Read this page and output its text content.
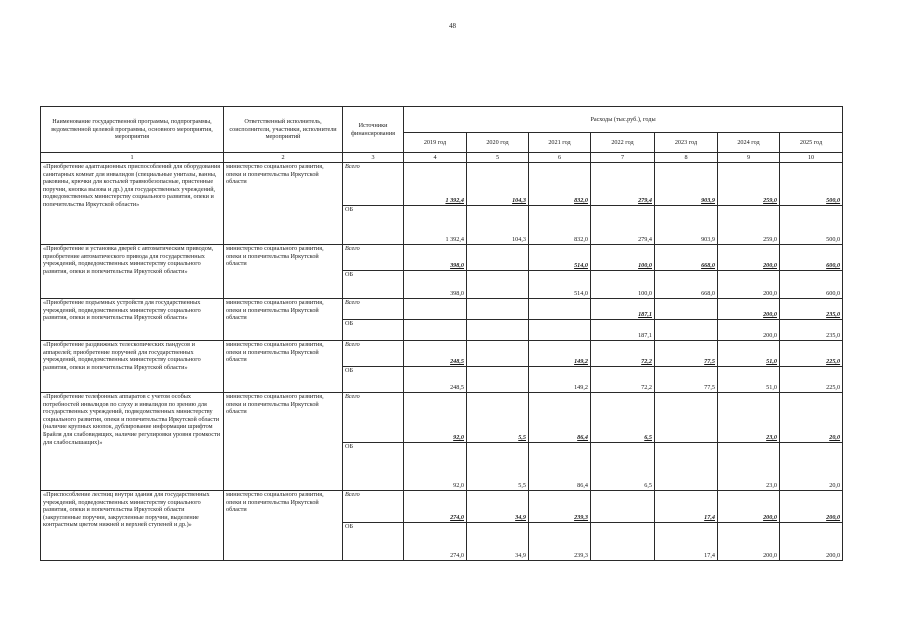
48
Наименование государственной программы, подпрограммы, ведомственной целевой программы, основного мероприятия, мероприятия	Ответственный исполнитель, соисполнители, участники, исполнители мероприятий	Источники финансирования	Расходы (тыс.руб.), годы						
			2019 год	2020 год	2021 год	2022 год	2023 год	2024 год	2025 год
1	2	3	4	5	6	7	8	9	10
«Приобретение адаптационных приспособлений для оборудования санитарных комнат для инвалидов (специальные унитазы, ванны, раковины, крючки для костылей травмобезопасные, пристенные поручни, кнопка вызова и др.) для государственных учреждений, подведомственных министерству социального развития, опеки и попечительства Иркутской области»	министерство социального развития, опеки и попечительства Иркутской области	Всего	1 392,4	104,3	832,0	279,4	903,9	259,0	500,0
		ОБ	1 392,4	104,3	832,0	279,4	903,9	259,0	500,0
«Приобретение и установка дверей с автоматическим приводом, приобретение автоматического привода для государственных учреждений, подведомственных министерству социального развития, опеки и попечительства Иркутской области»	министерство социального развития, опеки и попечительства Иркутской области	Всего	398,0		514,0	100,0	668,0	200,0	600,0
		ОБ	398,0		514,0	100,0	668,0	200,0	600,0
«Приобретение подъемных устройств для государственных учреждений, подведомственных министерству социального развития, опеки и попечительства Иркутской области»	министерство социального развития, опеки и попечительства Иркутской области	Всего				187,1		200,0	235,0
		ОБ				187,1		200,0	235,0
«Приобретение раздвижных телескопических пандусов и аппарелей; приобретение поручней для государственных учреждений, подведомственных министерству социального развития, опеки и попечительства Иркутской области»	министерство социального развития, опеки и попечительства Иркутской области	Всего	248,5		149,2	72,2	77,5	51,0	225,0
		ОБ	248,5		149,2	72,2	77,5	51,0	225,0
«Приобретение телефонных аппаратов с учетом особых потребностей инвалидов по слуху и инвалидов по зрению для государственных учреждений, подведомственных министерству социального развития, опеки и попечительства Иркутской области (наличие крупных кнопок, дублирование информации шрифтом Брайля для слабовидящих, наличие регулировки уровня громкости для слабослышащих)»	министерство социального развития, опеки и попечительства Иркутской области	Всего	92,0	5,5	86,4	6,5		23,0	20,0
		ОБ	92,0	5,5	86,4	6,5		23,0	20,0
«Приспособление лестниц внутри здания для государственных учреждений, подведомственных министерству социального развития, опеки и попечительства Иркутской области (закругленные поручни, закругленные поручни, выделение контрастным цветом нижней и верхней ступеней и др.)»	министерство социального развития, опеки и попечительства Иркутской области	Всего	274,0	34,9	239,3		17,4	200,0	200,0
		ОБ	274,0	34,9	239,3		17,4	200,0	200,0
